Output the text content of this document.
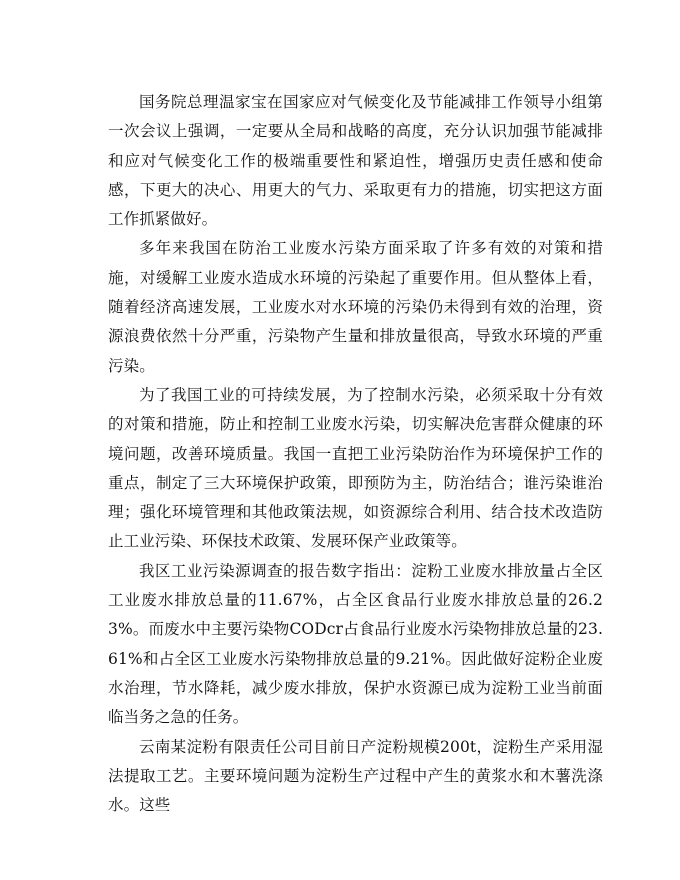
国务院总理温家宝在国家应对气候变化及节能减排工作领导小组第一次会议上强调，一定要从全局和战略的高度，充分认识加强节能减排和应对气候变化工作的极端重要性和紧迫性，增强历史责任感和使命感，下更大的决心、用更大的气力、采取更有力的措施，切实把这方面工作抓紧做好。

多年来我国在防治工业废水污染方面采取了许多有效的对策和措施，对缓解工业废水造成水环境的污染起了重要作用。但从整体上看，随着经济高速发展，工业废水对水环境的污染仍未得到有效的治理，资源浪费依然十分严重，污染物产生量和排放量很高，导致水环境的严重污染。

为了我国工业的可持续发展，为了控制水污染，必须采取十分有效的对策和措施，防止和控制工业废水污染，切实解决危害群众健康的环境问题，改善环境质量。我国一直把工业污染防治作为环境保护工作的重点，制定了三大环境保护政策，即预防为主，防治结合；谁污染谁治理；强化环境管理和其他政策法规，如资源综合利用、结合技术改造防止工业污染、环保技术政策、发展环保产业政策等。

我区工业污染源调查的报告数字指出：淀粉工业废水排放量占全区工业废水排放总量的11.67%，占全区食品行业废水排放总量的26.23%。而废水中主要污染物CODcr占食品行业废水污染物排放总量的23.61%和占全区工业废水污染物排放总量的9.21%。因此做好淀粉企业废水治理，节水降耗，减少废水排放，保护水资源已成为淀粉工业当前面临当务之急的任务。

云南某淀粉有限责任公司目前日产淀粉规模200t，淀粉生产采用湿法提取工艺。主要环境问题为淀粉生产过程中产生的黄浆水和木薯洗涤水。这些
